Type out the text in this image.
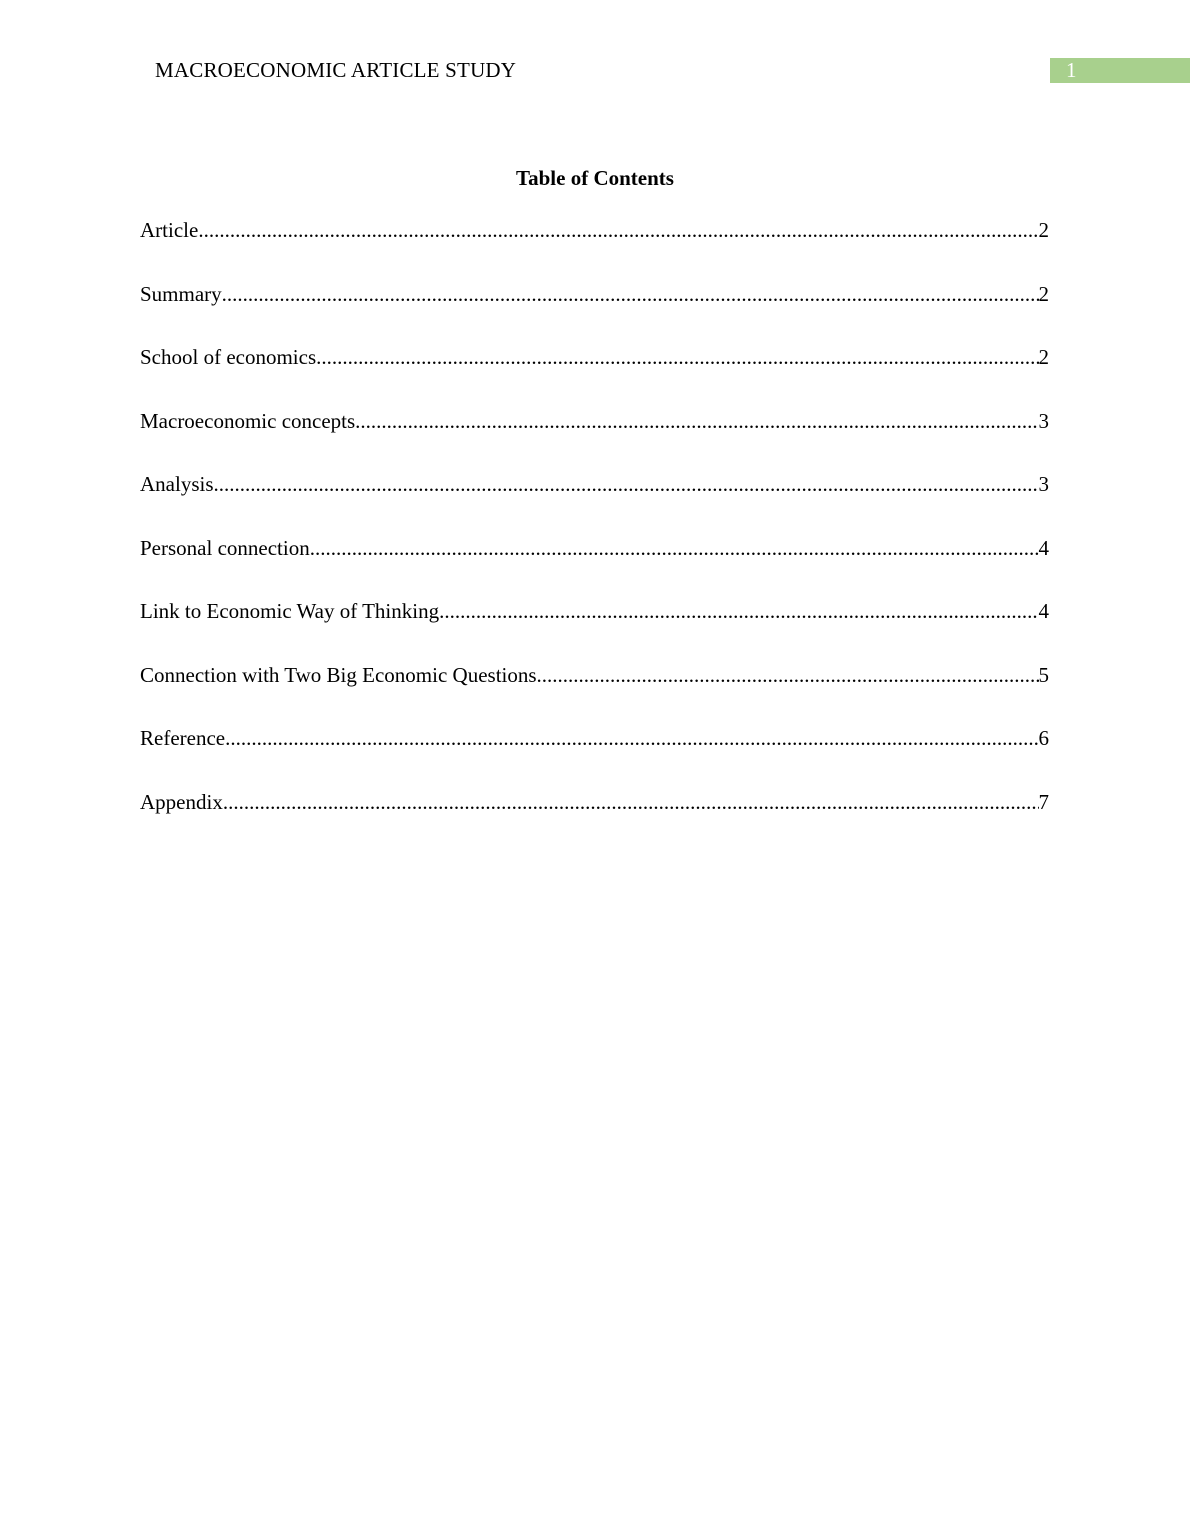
MACROECONOMIC ARTICLE STUDY	1
Table of Contents
Article .....	2
Summary .....	2
School of economics .....	2
Macroeconomic concepts .....	3
Analysis .....	3
Personal connection .....	4
Link to Economic Way of Thinking .....	4
Connection with Two Big Economic Questions .....	5
Reference .....	6
Appendix .....	7
